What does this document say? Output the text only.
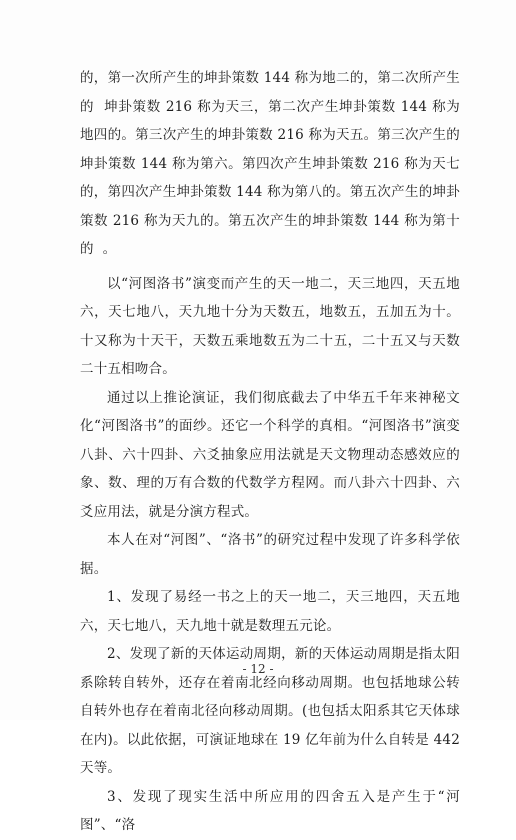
的，第一次所产生的坤卦策数 144 称为地二的，第二次所产生的  坤卦策数 216 称为天三，第二次产生坤卦策数 144 称为地四的。第三次产生的坤卦策数 216 称为天五。第三次产生的坤卦策数 144 称为第六。第四次产生坤卦策数 216 称为天七的，第四次产生坤卦策数 144 称为第八的。第五次产生的坤卦策数 216 称为天九的。第五次产生的坤卦策数 144 称为第十的  。

以“河图洛书”演变而产生的天一地二，天三地四，天五地六，天七地八，天九地十分为天数五，地数五，五加五为十。十又称为十天干，天数五乘地数五为二十五，二十五又与天数二十五相吻合。

通过以上推论演证，我们彻底截去了中华五千年来神秘文化“河图洛书”的面纱。还它一个科学的真相。“河图洛书”演变八卦、六十四卦、六爻抽象应用法就是天文物理动态感效应的象、数、理的万有合数的代数学方程网。而八卦六十四卦、六爻应用法，就是分演方程式。

本人在对“河图”、“洛书”的研究过程中发现了许多科学依据。

1、发现了易经一书之上的天一地二，天三地四，天五地六，天七地八，天九地十就是数理五元论。

2、发现了新的天体运动周期，新的天体运动周期是指太阳系除转自转外，还存在着南北经向移动周期。也包括地球公转自转外也存在着南北径向移动周期。(也包括太阳系其它天体球在内)。以此依据，可演证地球在 19 亿年前为什么自转是 442 天等。

3、发现了现实生活中所应用的四舍五入是产生于“河图”、“洛

- 12 -
